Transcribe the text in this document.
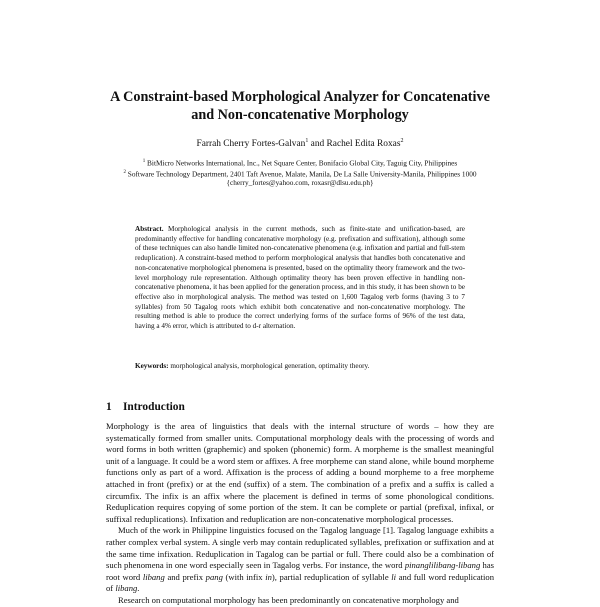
A Constraint-based Morphological Analyzer for Concatenative and Non-concatenative Morphology
Farrah Cherry Fortes-Galvan$^1$ and Rachel Edita Roxas$^2$
$^1$ BitMicro Networks International, Inc., Net Square Center, Bonifacio Global City, Taguig City, Philippines
$^2$ Software Technology Department, 2401 Taft Avenue, Malate, Manila, De La Salle University-Manila, Philippines 1000
{cherry_fortes@yahoo.com, roxasr@dlsu.edu.ph}
Abstract. Morphological analysis in the current methods, such as finite-state and unification-based, are predominantly effective for handling concatenative morphology (e.g. prefixation and suffixation), although some of these techniques can also handle limited non-concatenative phenomena (e.g. infixation and partial and full-stem reduplication). A constraint-based method to perform morphological analysis that handles both concatenative and non-concatenative morphological phenomena is presented, based on the optimality theory framework and the two-level morphology rule representation. Although optimality theory has been proven effective in handling non-concatenative phenomena, it has been applied for the generation process, and in this study, it has been shown to be effective also in morphological analysis. The method was tested on 1,600 Tagalog verb forms (having 3 to 7 syllables) from 50 Tagalog roots which exhibit both concatenative and non-concatenative morphology. The resulting method is able to produce the correct underlying forms of the surface forms of 96% of the test data, having a 4% error, which is attributed to d-r alternation.
Keywords: morphological analysis, morphological generation, optimality theory.
1 Introduction

Morphology is the area of linguistics that deals with the internal structure of words – how they are systematically formed from smaller units. Computational morphology deals with the processing of words and word forms in both written (graphemic) and spoken (phonemic) form. A morpheme is the smallest meaningful unit of a language. It could be a word stem or affixes. A free morpheme can stand alone, while bound morpheme functions only as part of a word. Affixation is the process of adding a bound morpheme to a free morpheme attached in front (prefix) or at the end (suffix) of a stem. The combination of a prefix and a suffix is called a circumfix. The infix is an affix where the placement is defined in terms of some phonological conditions. Reduplication requires copying of some portion of the stem. It can be complete or partial (prefixal, infixal, or suffixal reduplications). Infixation and reduplication are non-concatenative morphological processes.

Much of the work in Philippine linguistics focused on the Tagalog language [1]. Tagalog language exhibits a rather complex verbal system. A single verb may contain reduplicated syllables, prefixation or suffixation and at the same time infixation. Reduplication in Tagalog can be partial or full. There could also be a combination of such phenomena in one word especially seen in Tagalog verbs. For instance, the word pinanglilibang-libang has root word libang and prefix pang (with infix in), partial reduplication of syllable li and full word reduplication of libang.

Research on computational morphology has been predominantly on concatenative morphology and
